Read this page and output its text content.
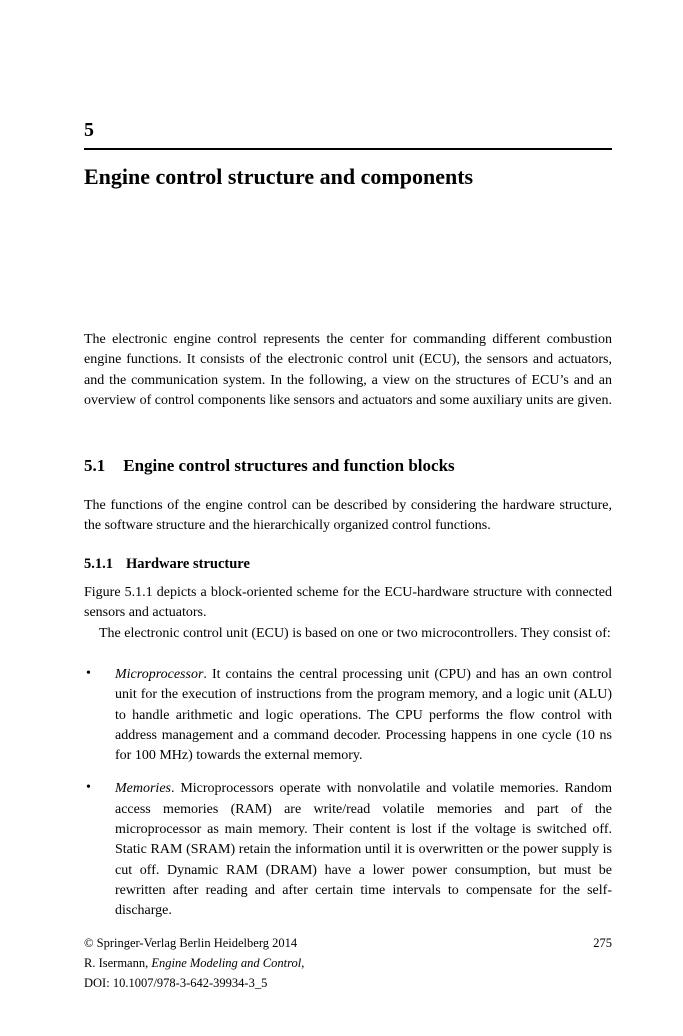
5
Engine control structure and components

The electronic engine control represents the center for commanding different combustion engine functions. It consists of the electronic control unit (ECU), the sensors and actuators, and the communication system. In the following, a view on the structures of ECU’s and an overview of control components like sensors and actuators and some auxiliary units are given.

5.1 Engine control structures and function blocks

The functions of the engine control can be described by considering the hardware structure, the software structure and the hierarchically organized control functions.

5.1.1 Hardware structure

Figure 5.1.1 depicts a block-oriented scheme for the ECU-hardware structure with connected sensors and actuators.

The electronic control unit (ECU) is based on one or two microcontrollers. They consist of:

• Microprocessor. It contains the central processing unit (CPU) and has an own control unit for the execution of instructions from the program memory, and a logic unit (ALU) to handle arithmetic and logic operations. The CPU performs the flow control with address management and a command decoder. Processing happens in one cycle (10 ns for 100 MHz) towards the external memory.
• Memories. Microprocessors operate with nonvolatile and volatile memories. Random access memories (RAM) are write/read volatile memories and part of the microprocessor as main memory. Their content is lost if the voltage is switched off. Static RAM (SRAM) retain the information until it is overwritten or the power supply is cut off. Dynamic RAM (DRAM) have a lower power consumption, but must be rewritten after reading and after certain time intervals to compensate for the self-discharge.
© Springer-Verlag Berlin Heidelberg 2014	275
R. Isermann, Engine Modeling and Control,
DOI: 10.1007/978-3-642-39934-3_5
